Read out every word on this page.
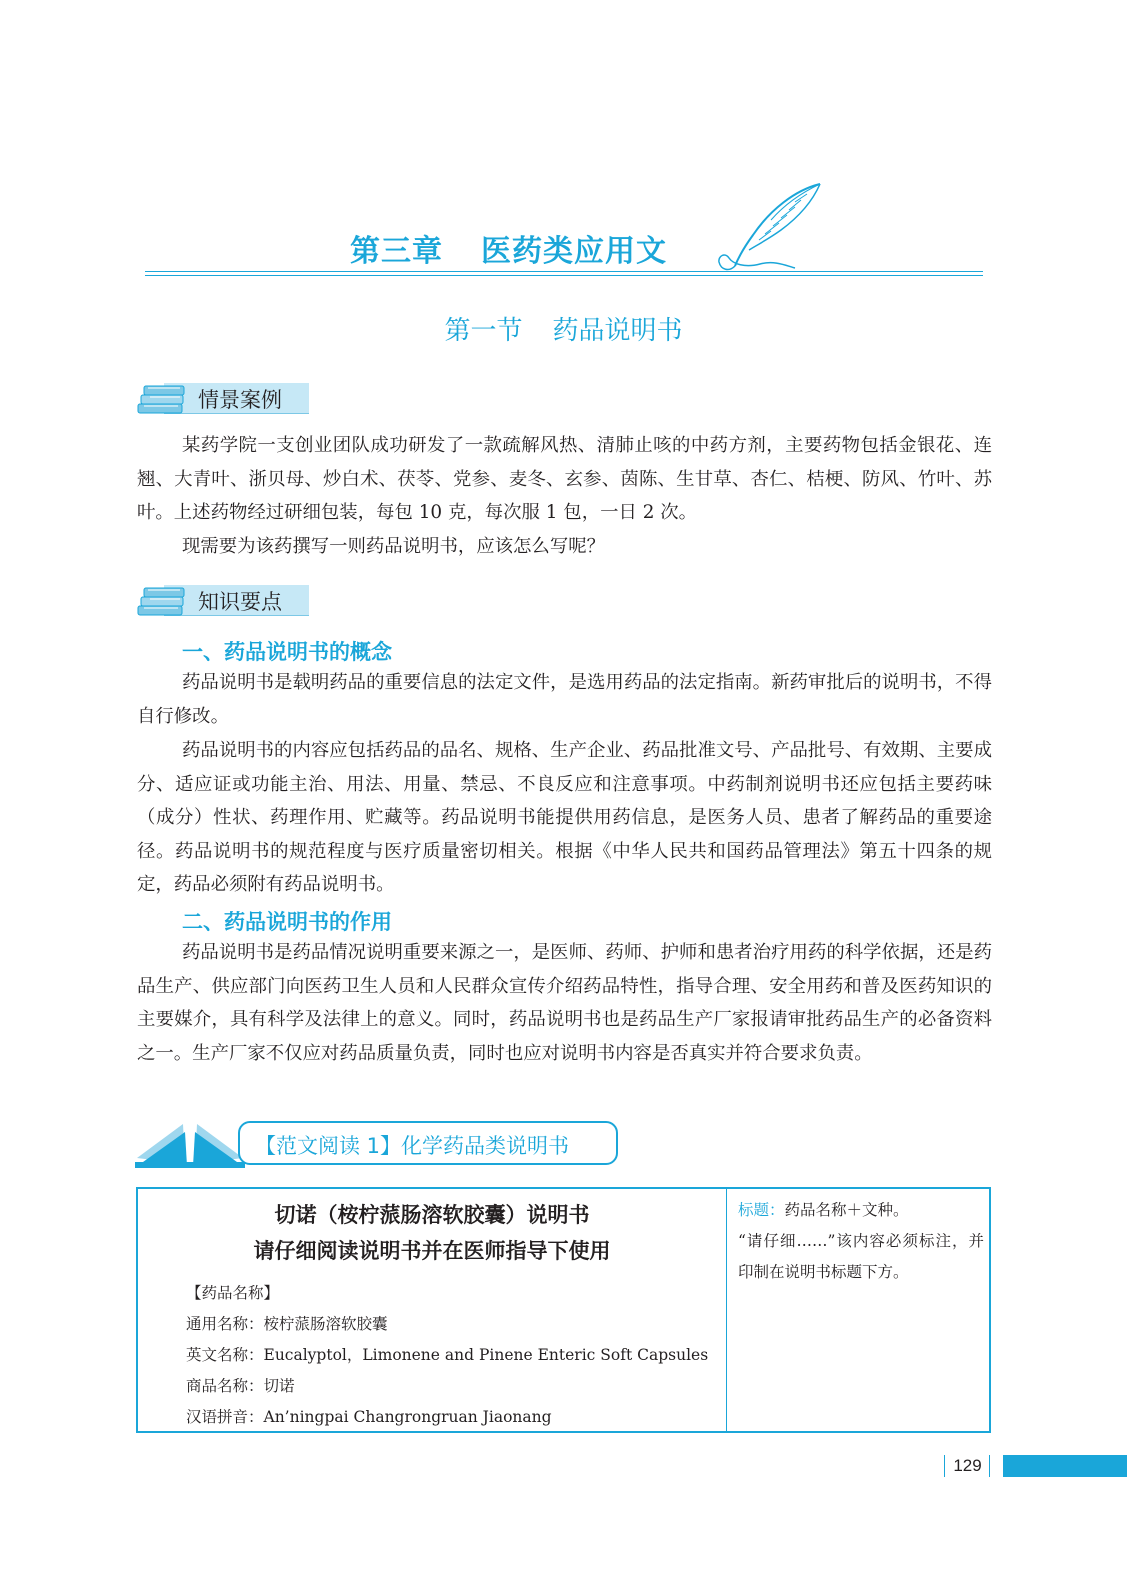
第三章 医药类应用文
第一节 药品说明书
情景案例

某药学院一支创业团队成功研发了一款疏解风热、清肺止咳的中药方剂，主要药物包括金银花、连翘、大青叶、浙贝母、炒白术、茯苓、党参、麦冬、玄参、茵陈、生甘草、杏仁、桔梗、防风、竹叶、苏叶。上述药物经过研细包装，每包 10 克，每次服 1 包，一日 2 次。

现需要为该药撰写一则药品说明书，应该怎么写呢？

知识要点
一、药品说明书的概念

药品说明书是载明药品的重要信息的法定文件，是选用药品的法定指南。新药审批后的说明书，不得自行修改。

药品说明书的内容应包括药品的品名、规格、生产企业、药品批准文号、产品批号、有效期、主要成分、适应证或功能主治、用法、用量、禁忌、不良反应和注意事项。中药制剂说明书还应包括主要药味（成分）性状、药理作用、贮藏等。药品说明书能提供用药信息，是医务人员、患者了解药品的重要途径。药品说明书的规范程度与医疗质量密切相关。根据《中华人民共和国药品管理法》第五十四条的规定，药品必须附有药品说明书。

二、药品说明书的作用

药品说明书是药品情况说明重要来源之一，是医师、药师、护师和患者治疗用药的科学依据，还是药品生产、供应部门向医药卫生人员和人民群众宣传介绍药品特性，指导合理、安全用药和普及医药知识的主要媒介，具有科学及法律上的意义。同时，药品说明书也是药品生产厂家报请审批药品生产的必备资料之一。生产厂家不仅应对药品质量负责，同时也应对说明书内容是否真实并符合要求负责。

【范文阅读 1】化学药品类说明书
切诺（桉柠蒎肠溶软胶囊）说明书
请仔细阅读说明书并在医师指导下使用
【药品名称】
通用名称：桉柠蒎肠溶软胶囊
英文名称：Eucalyptol，Limonene and Pinene Enteric Soft Capsules
商品名称：切诺
汉语拼音：An’ningpai Changrongruan Jiaonang
标题：药品名称＋文种。
“请仔细……”该内容必须标注，并印制在说明书标题下方。
129
